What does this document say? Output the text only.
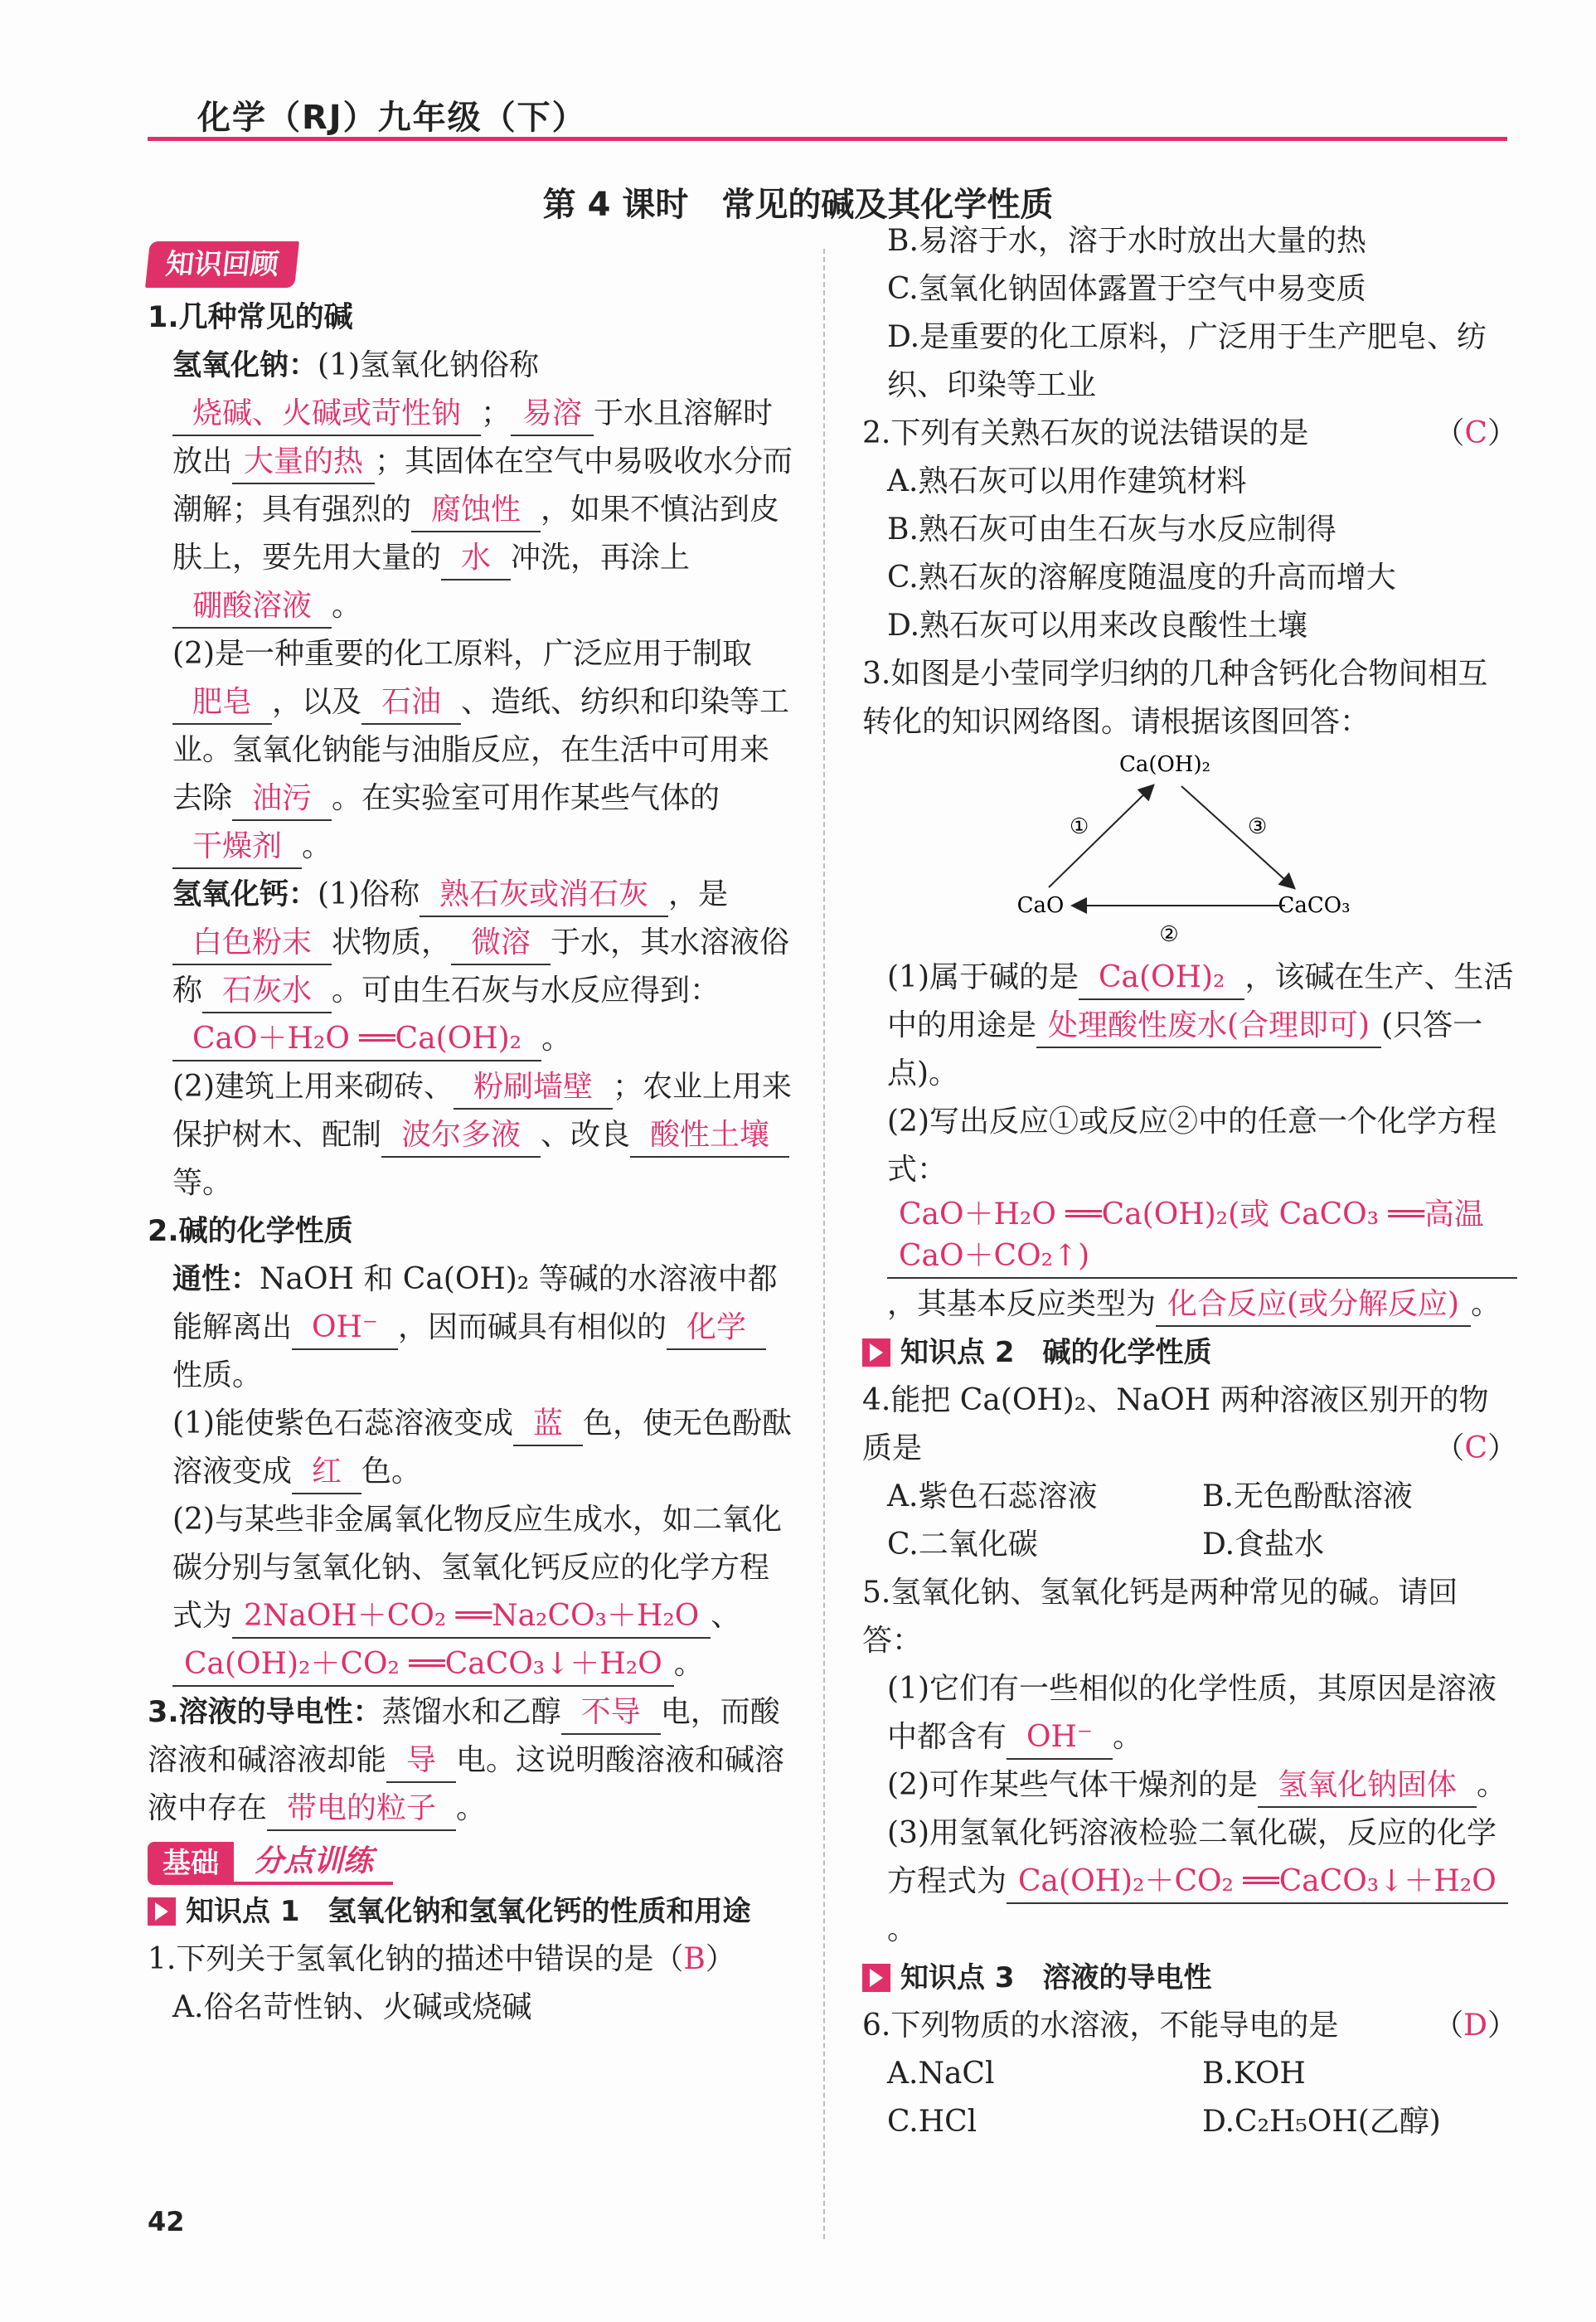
化学（RJ）九年级（下）
第 4 课时　常见的碱及其化学性质
知识回顾
1.几种常见的碱
氢氧化钠：(1)氢氧化钠俗称烧碱、火碱或苛性钠 ； 易溶 于水且溶解时放出 大量的热 ；其固体在空气中易吸收水分而潮解；具有强烈的 腐蚀性 ，如果不慎沾到皮肤上，要先用大量的 水 冲洗，再涂上硼酸溶液 。
(2)是一种重要的化工原料，广泛应用于制取肥皂 ，以及 石油 、造纸、纺织和印染等工业。氢氧化钠能与油脂反应，在生活中可用来去除 油污 。在实验室可用作某些气体的干燥剂 。
氢氧化钙：(1)俗称 熟石灰或消石灰 ，是白色粉末 状物质， 微溶 于水，其水溶液俗称 石灰水 。可由生石灰与水反应得到：CaO＋H₂O ══Ca(OH)₂ 。
(2)建筑上用来砌砖、 粉刷墙壁 ；农业上用来保护树木、配制 波尔多液 、改良 酸性土壤等。
2.碱的化学性质
通性：NaOH 和 Ca(OH)₂ 等碱的水溶液中都能解离出 OH⁻ ，因而碱具有相似的 化学性质。
(1)能使紫色石蕊溶液变成 蓝 色，使无色酚酞溶液变成 红 色。
(2)与某些非金属氧化物反应生成水，如二氧化碳分别与氢氧化钠、氢氧化钙反应的化学方程式为 2NaOH＋CO₂ ══Na₂CO₃＋H₂O 、Ca(OH)₂＋CO₂ ══CaCO₃↓＋H₂O 。
3.溶液的导电性：蒸馏水和乙醇 不导 电，而酸溶液和碱溶液却能 导 电。这说明酸溶液和碱溶液中存在 带电的粒子 。
基础	分点训练
知识点 1　氢氧化钠和氢氧化钙的性质和用途
1.下列关于氢氧化钠的描述中错误的是（B）
A.俗名苛性钠、火碱或烧碱
B.易溶于水，溶于水时放出大量的热
C.氢氧化钠固体露置于空气中易变质
D.是重要的化工原料，广泛用于生产肥皂、纺织、印染等工业
2.下列有关熟石灰的说法错误的是	（C）
A.熟石灰可以用作建筑材料
B.熟石灰可由生石灰与水反应制得
C.熟石灰的溶解度随温度的升高而增大
D.熟石灰可以用来改良酸性土壤
3.如图是小莹同学归纳的几种含钙化合物间相互转化的知识网络图。请根据该图回答：
Ca(OH)₂
CaO	CaCO₃
①	③
②
(1)属于碱的是 Ca(OH)₂ ，该碱在生产、生活中的用途是 处理酸性废水(合理即可) (只答一点)。
(2)写出反应①或反应②中的任意一个化学方程式：CaO＋H₂O ══Ca(OH)₂(或 CaCO₃ ══高温 CaO＋CO₂↑)，其基本反应类型为 化合反应(或分解反应) 。
知识点 2　碱的化学性质
4.能把 Ca(OH)₂、NaOH 两种溶液区别开的物质是	（C）
A.紫色石蕊溶液	B.无色酚酞溶液
C.二氧化碳	D.食盐水
5.氢氧化钠、氢氧化钙是两种常见的碱。请回答：
(1)它们有一些相似的化学性质，其原因是溶液中都含有 OH⁻ 。
(2)可作某些气体干燥剂的是 氢氧化钠固体 。
(3)用氢氧化钙溶液检验二氧化碳，反应的化学方程式为 Ca(OH)₂＋CO₂ ══CaCO₃↓＋H₂O。
知识点 3　溶液的导电性
6.下列物质的水溶液，不能导电的是	（D）
A.NaCl	B.KOH
C.HCl	D.C₂H₅OH(乙醇)
42
